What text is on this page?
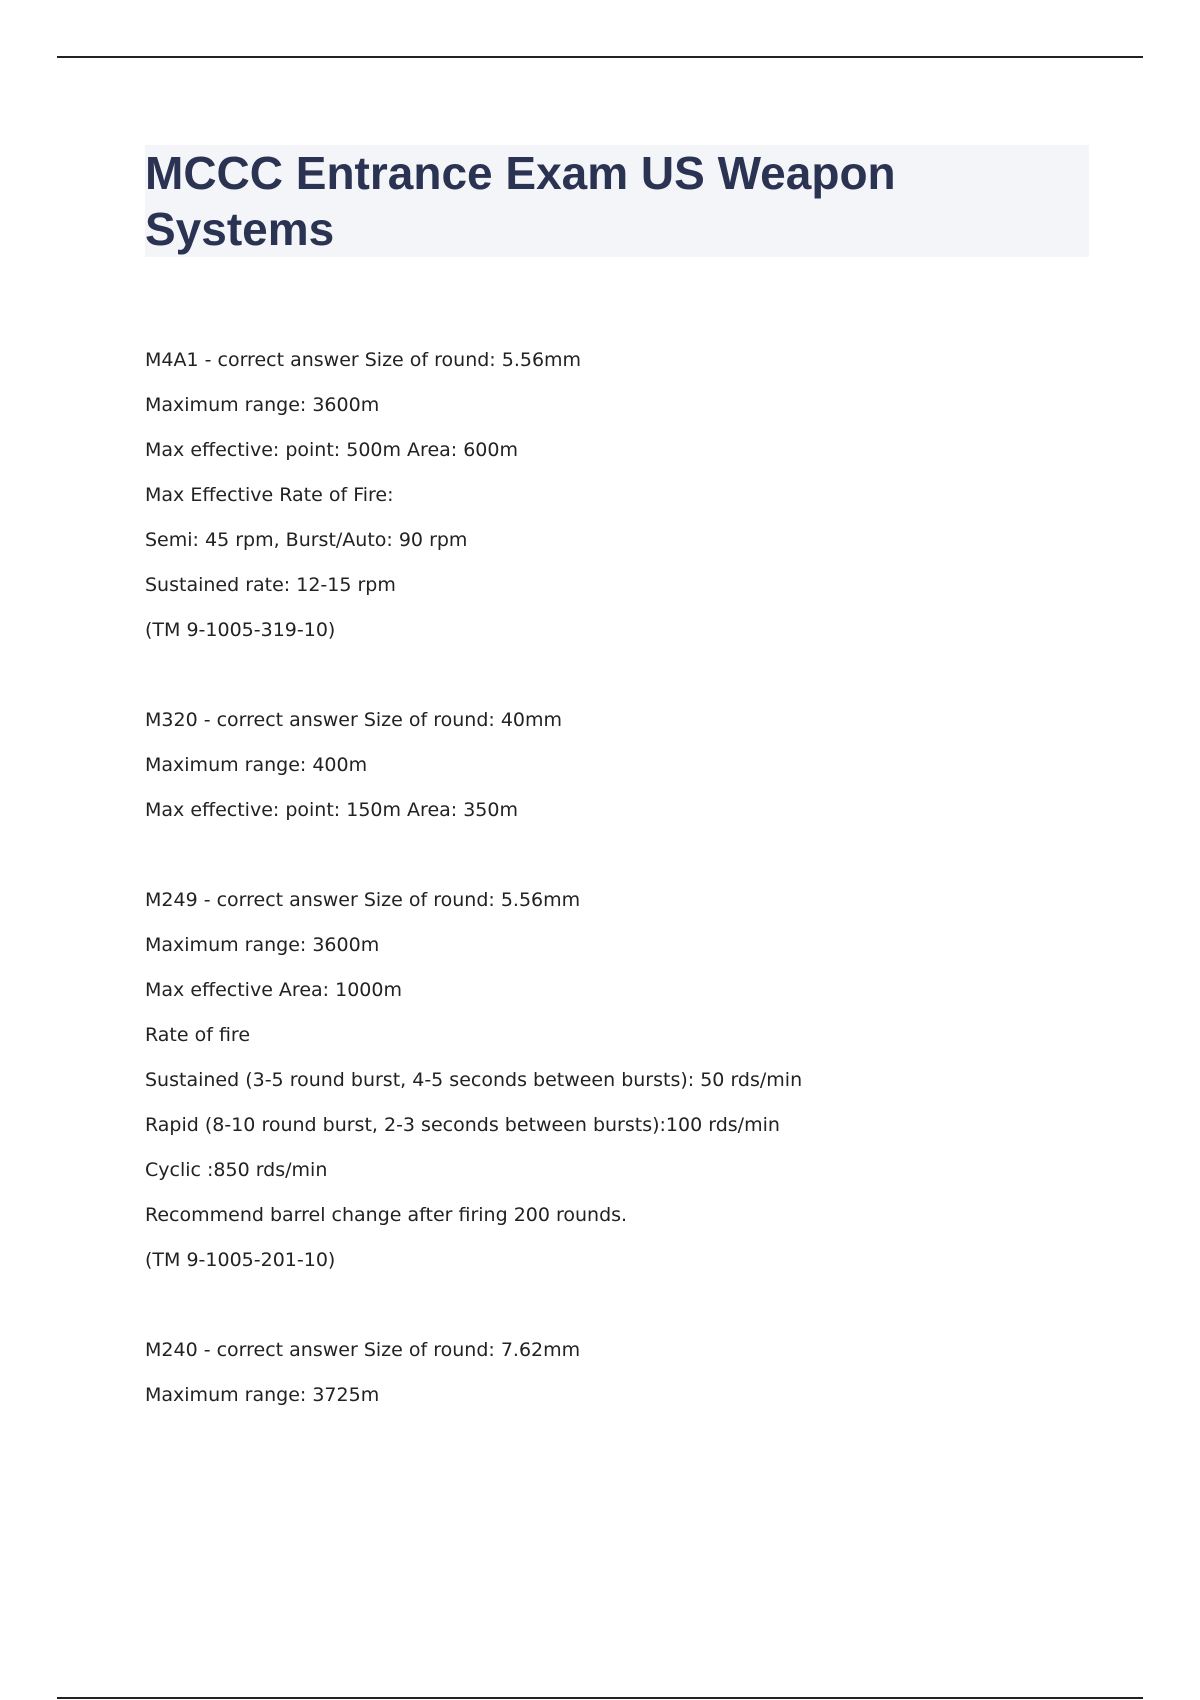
MCCC Entrance Exam US Weapon Systems

M4A1 - correct answer Size of round: 5.56mm

Maximum range: 3600m

Max effective: point: 500m Area: 600m

Max Effective Rate of Fire:

Semi: 45 rpm, Burst/Auto: 90 rpm

Sustained rate: 12-15 rpm

(TM 9-1005-319-10)

M320 - correct answer Size of round: 40mm

Maximum range: 400m

Max effective: point: 150m Area: 350m

M249 - correct answer Size of round: 5.56mm

Maximum range: 3600m

Max effective Area: 1000m

Rate of fire

Sustained (3-5 round burst, 4-5 seconds between bursts): 50 rds/min

Rapid (8-10 round burst, 2-3 seconds between bursts):100 rds/min

Cyclic :850 rds/min

Recommend barrel change after firing 200 rounds.

(TM 9-1005-201-10)

M240 - correct answer Size of round: 7.62mm

Maximum range: 3725m
